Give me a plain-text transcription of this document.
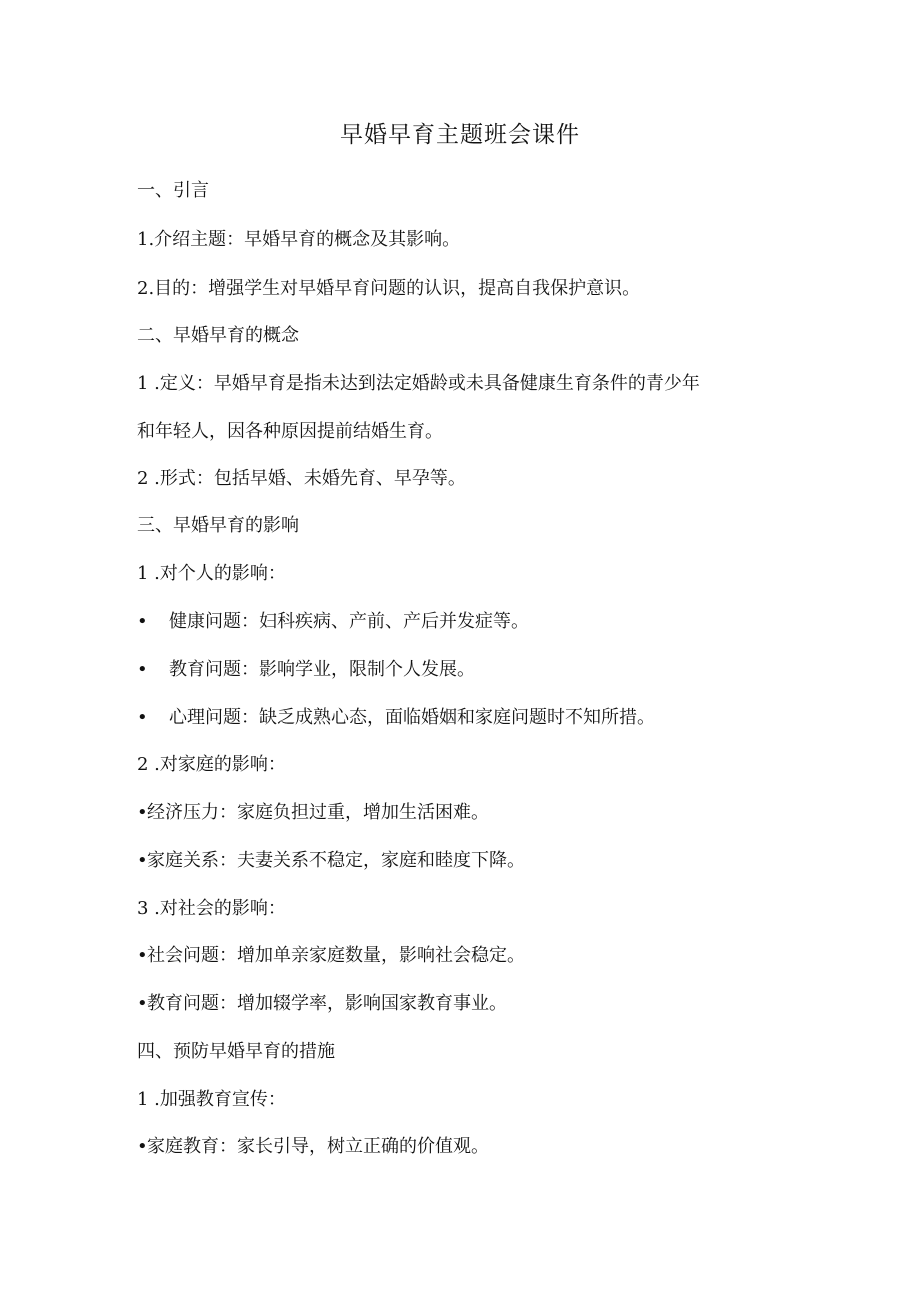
早婚早育主题班会课件
一、引言
1.介绍主题：早婚早育的概念及其影响。
2.目的：增强学生对早婚早育问题的认识，提高自我保护意识。
二、早婚早育的概念
1 .定义：早婚早育是指未达到法定婚龄或未具备健康生育条件的青少年
和年轻人，因各种原因提前结婚生育。
2 .形式：包括早婚、未婚先育、早孕等。
三、早婚早育的影响
1 .对个人的影响：
• 健康问题：妇科疾病、产前、产后并发症等。
• 教育问题：影响学业，限制个人发展。
• 心理问题：缺乏成熟心态，面临婚姻和家庭问题时不知所措。
2 .对家庭的影响：
•经济压力：家庭负担过重，增加生活困难。
•家庭关系：夫妻关系不稳定，家庭和睦度下降。
3 .对社会的影响：
•社会问题：增加单亲家庭数量，影响社会稳定。
•教育问题：增加辍学率，影响国家教育事业。
四、预防早婚早育的措施
1 .加强教育宣传：
•家庭教育：家长引导，树立正确的价值观。
